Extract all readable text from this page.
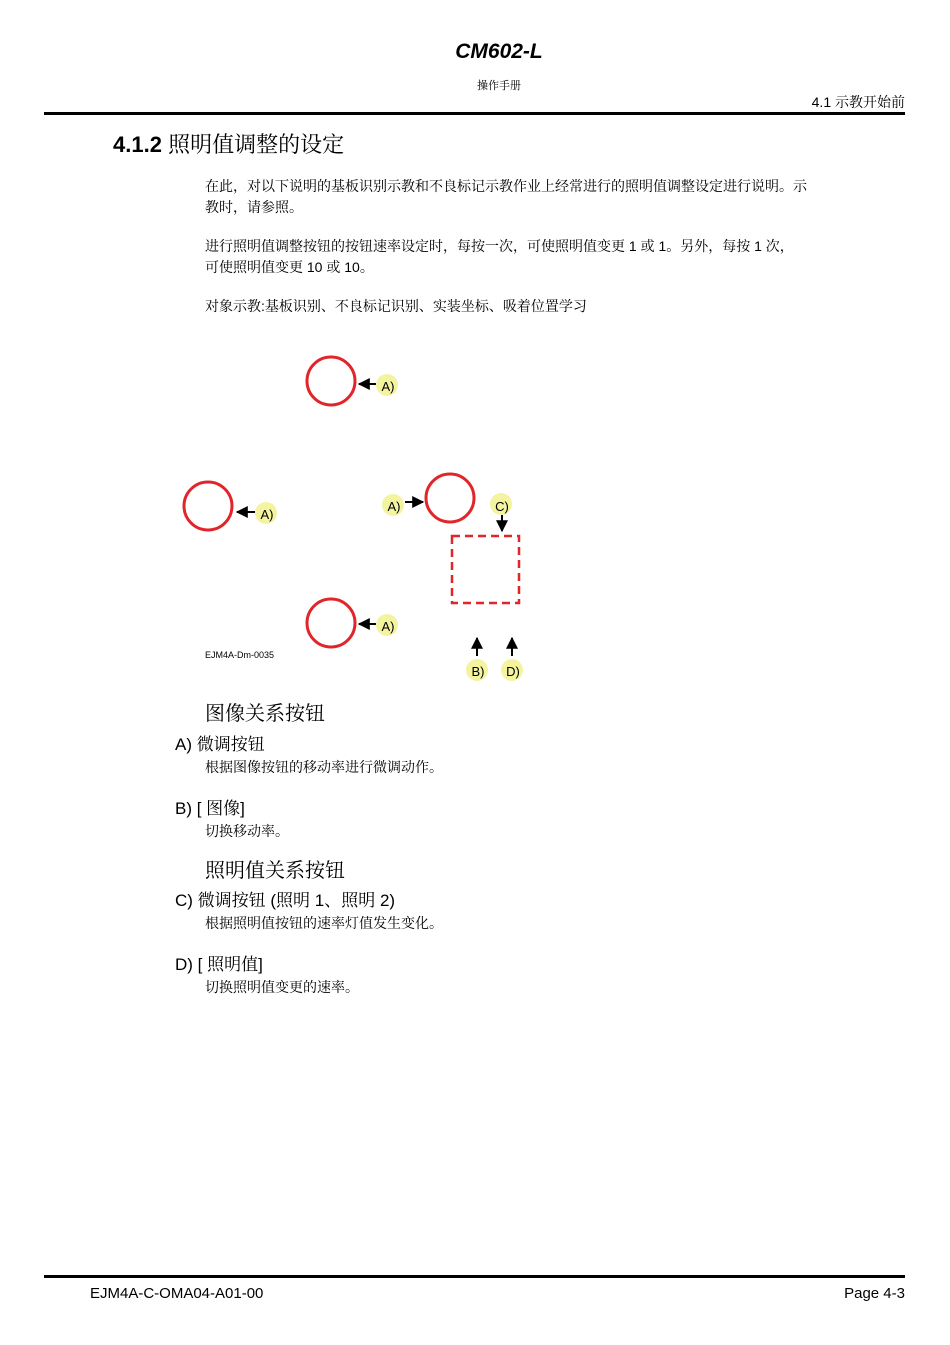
CM602-L
操作手册
4.1 示教开始前
4.1.2 照明值调整的设定
在此，对以下说明的基板识别示教和不良标记示教作业上经常进行的照明值调整设定进行说明。示
教时，请参照。
进行照明值调整按钮的按钮速率设定时，每按一次，可使照明值变更 1 或 1。另外，每按 1 次，
可使照明值变更 10 或 10。
对象示教:基板识别、不良标记识别、实装坐标、吸着位置学习
A)
A)
A)
A)
C)
B) D)
EJM4A-Dm-0035
图像关系按钮
A) 微调按钮
根据图像按钮的移动率进行微调动作。
B) [ 图像]
切换移动率。
照明值关系按钮
C) 微调按钮 (照明 1、照明 2)
根据照明值按钮的速率灯值发生变化。
D) [ 照明值]
切换照明值变更的速率。
EJM4A-C-OMA04-A01-00	Page 4-3
